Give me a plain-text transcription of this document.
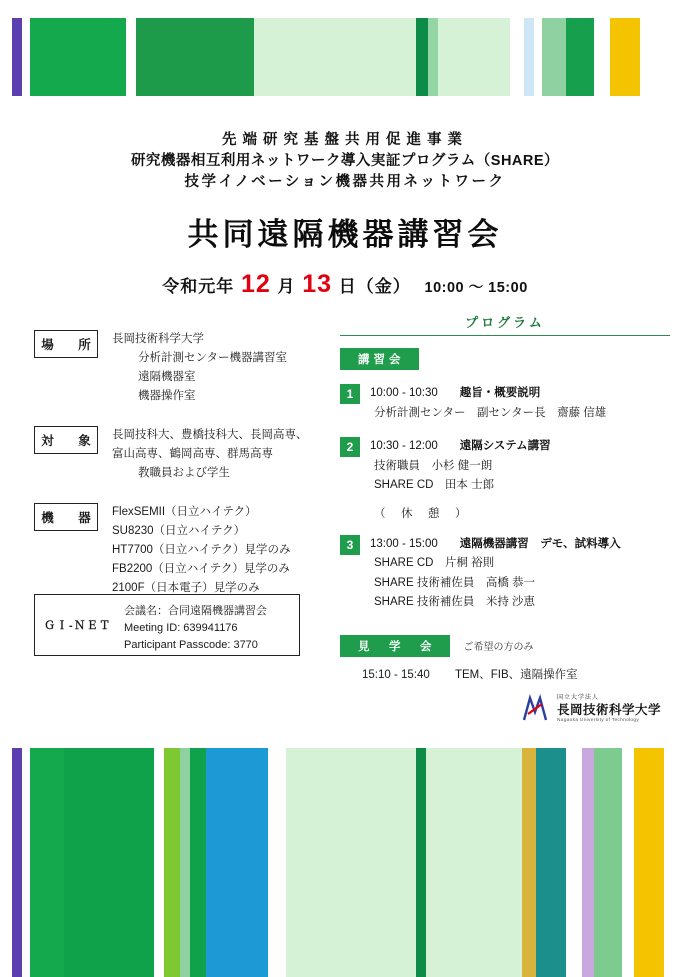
先端研究基盤共用促進事業
研究機器相互利用ネットワーク導入実証プログラム（SHARE）
技学イノベーション機器共用ネットワーク
共同遠隔機器講習会
令和元年 12 月 13 日（金） 10:00 ～ 15:00
場　所 長岡技術科学大学
分析計測センター機器講習室
遠隔機器室
機器操作室
対　象 長岡技科大、豊橋技科大、長岡高専、
富山高専、鶴岡高専、群馬高専
教職員および学生
機　器 FlexSEMII（日立ハイテク）
SU8230（日立ハイテク）
HT7700（日立ハイテク）見学のみ
FB2200（日立ハイテク）見学のみ
2100F（日本電子）見学のみ
ＧＩ-ＮＥＴ
会議名：合同遠隔機器講習会
Meeting ID: 639941176
Participant Passcode: 3770
プログラム
講習会
1	10:00 - 10:30 趣旨・概要説明
分析計測センター　副センター長　齋藤 信雄
2	10:30 - 12:00 遠隔システム講習
技術職員　小杉 健一朗
SHARE CD　田本 士郎
（　休　憩　）
3	13:00 - 15:00 遠隔機器講習　デモ、試料導入
SHARE CD　片桐 裕則
SHARE 技術補佐員　高橋 恭一
SHARE 技術補佐員　米持 沙恵
見　学　会	ご希望の方のみ
15:10 - 15:40 TEM、FIB、遠隔操作室
国立大学法人
長岡技術科学大学
Nagaoka University of Technology
